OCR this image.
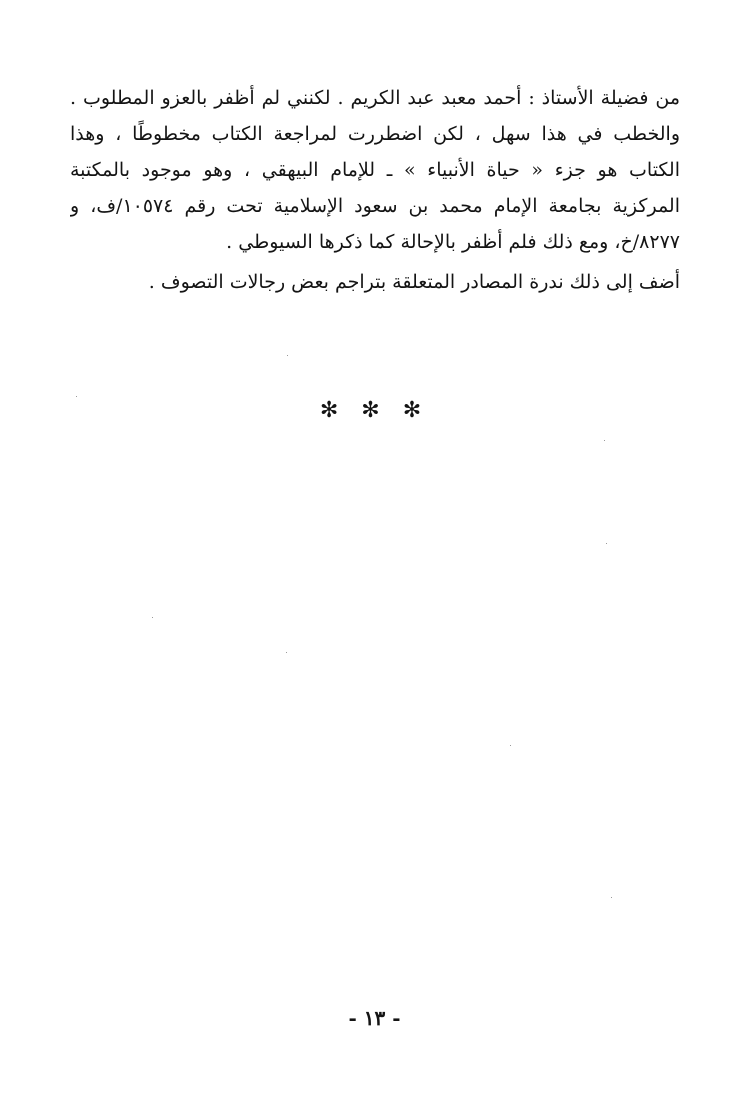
من فضيلة الأستاذ : أحمد معبد عبد الكريم . لكنني لم أظفر بالعزو المطلوب .
والخطب في هذا سهل ، لكن اضطررت لمراجعة الكتاب مخطوطًا ، وهذا
الكتاب هو جزء « حياة الأنبياء » ـ للإمام البيهقي ، وهو موجود بالمكتبة
المركزية بجامعة الإمام محمد بن سعود الإسلامية تحت رقم ١٠٥٧٤/ف، و
٨٢٧٧/خ، ومع ذلك فلم أظفر بالإحالة كما ذكرها السيوطي .
أضف إلى ذلك ندرة المصادر المتعلقة بتراجم بعض رجالات التصوف .
✻ ✻ ✻
- ١٣ -
